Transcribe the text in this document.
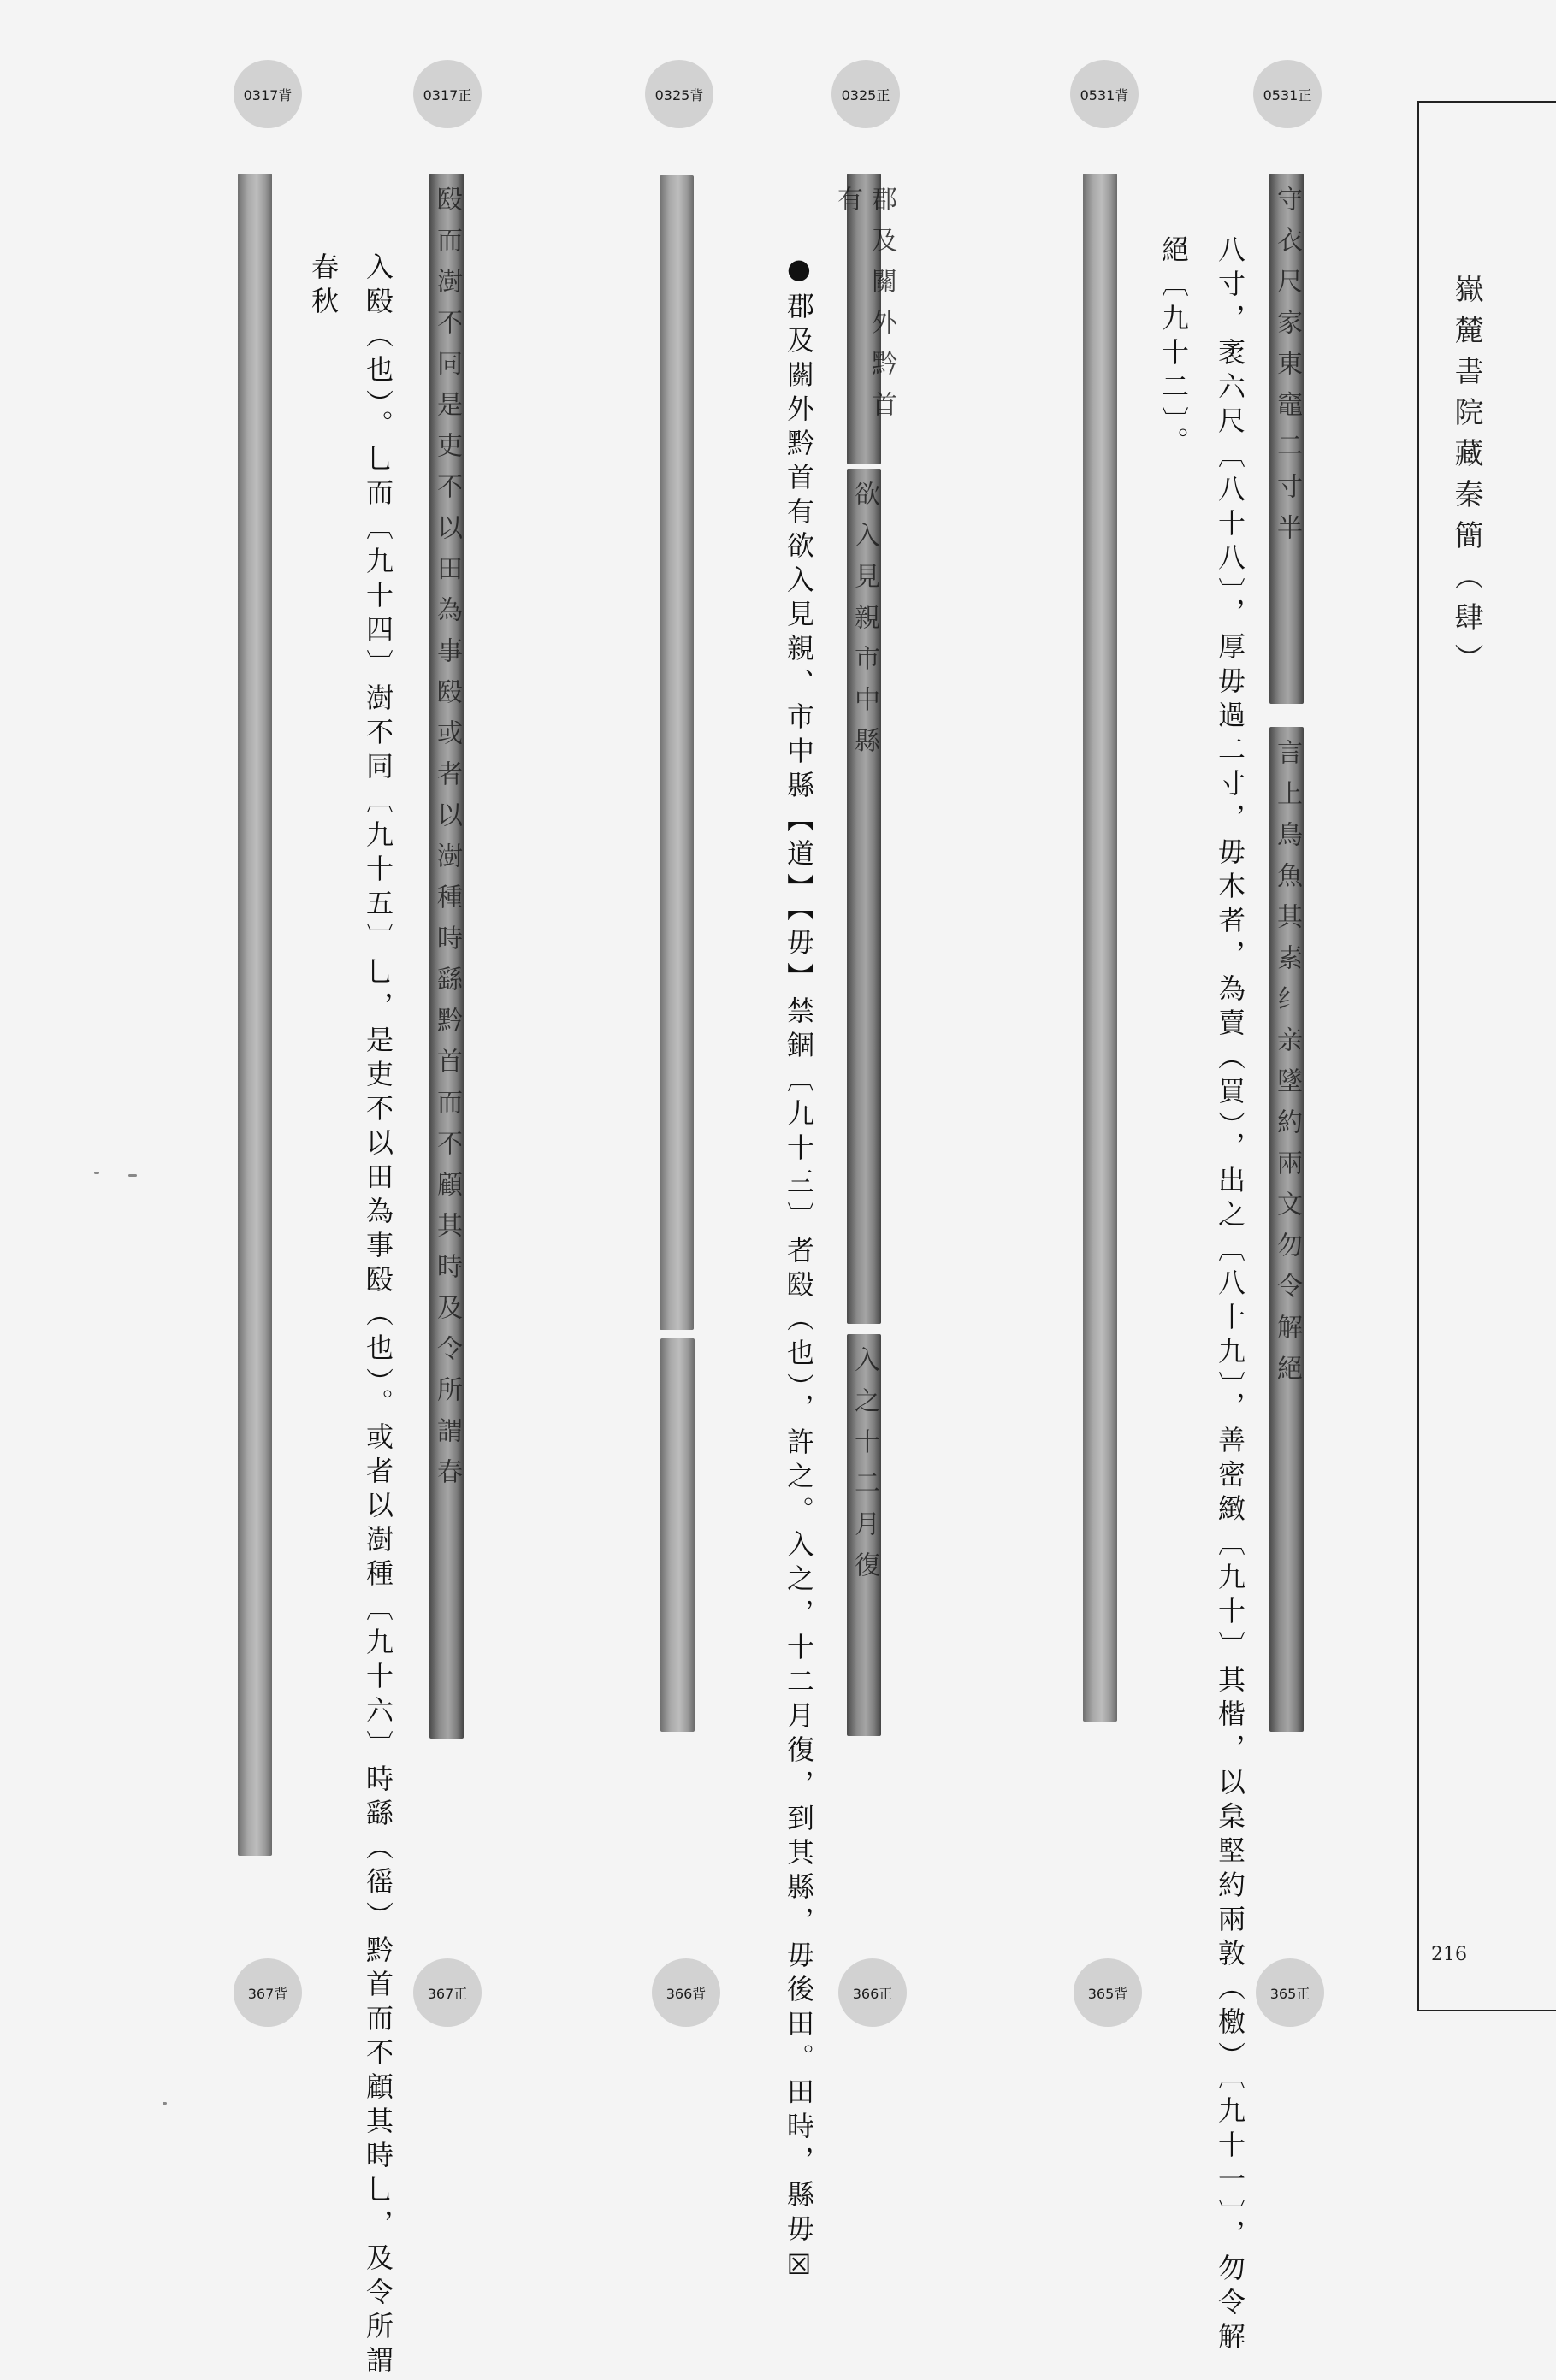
0317背	0317正	0325背	0325正	0531背	0531正
殹而澍不同是吏不以田為事殹或者以澍種時繇黔首而不顧其時及令所謂春	郡及關外黔首有
欲入見親市中縣
入之十二月復
守衣尺家東竈二寸半
言上鳥魚其素纟亲墜約兩文勿令解絕
八寸，袤六尺〔八十八〕，厚毋過二寸，毋木者，為賣（買），出之〔八十九〕，善密緻〔九十〕其楷，以枲堅約兩敦（檄）〔九十一〕，勿令解
絕〔九十二〕。
●郡及關外黔首有欲入見親、市中縣【道】【毋】禁錮〔九十三〕者殹（也），許之。入之，十二月復，到其縣，毋後田。田時，縣毋☒
入殹（也）。乚而〔九十四〕澍不同〔九十五〕乚，是吏不以田為事殹（也）。或者以澍種〔九十六〕時繇（徭）黔首而不顧其時乚，及令所謂
春秋	嶽麓書院藏秦簡（肆）
216
367背	367正	366背	366正	365背	365正
